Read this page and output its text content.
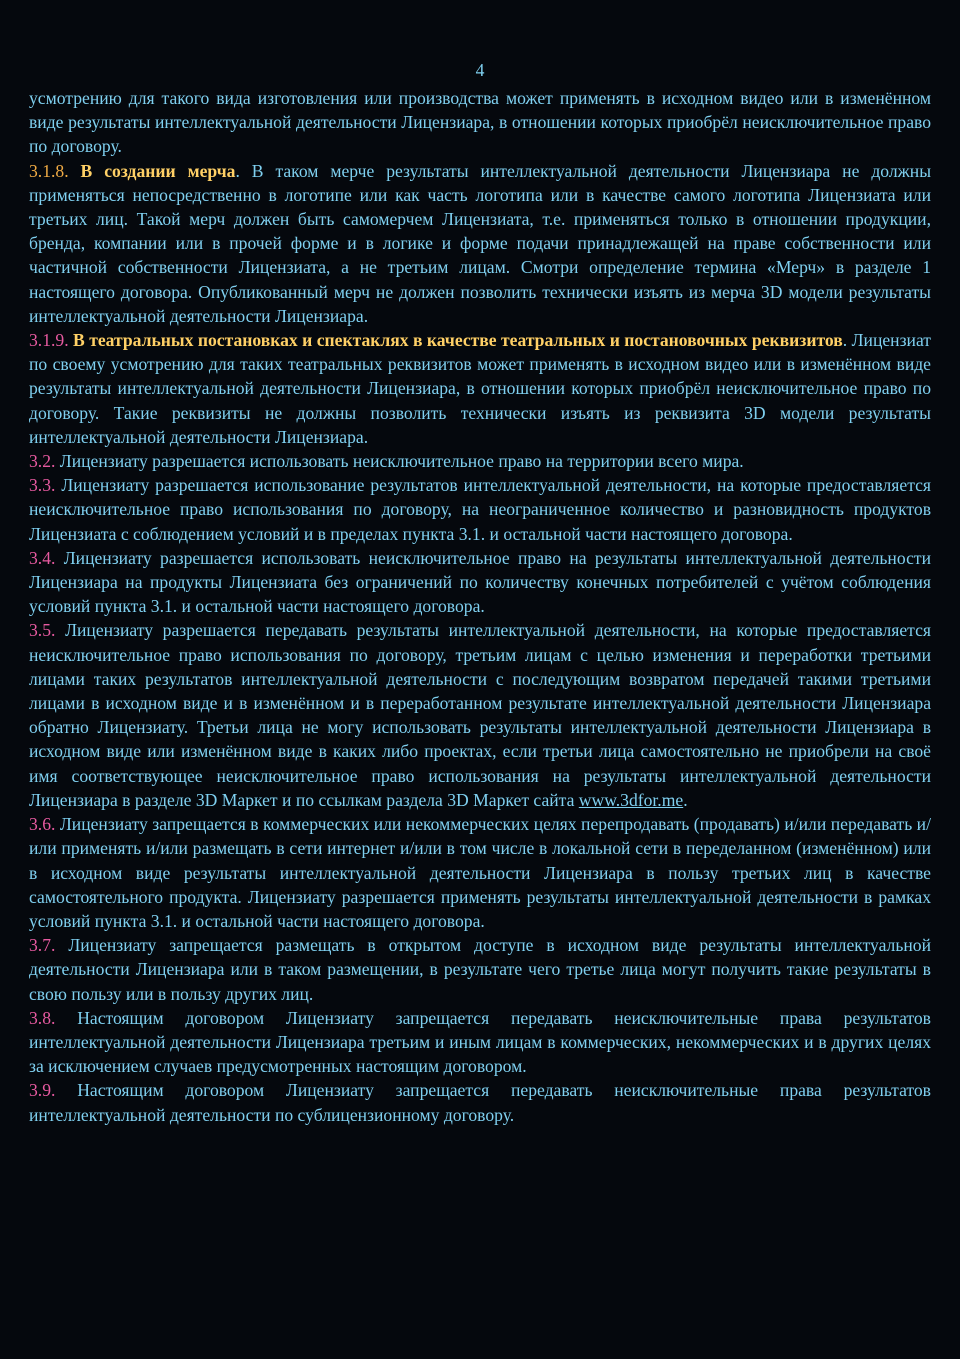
4

усмотрению для такого вида изготовления или производства может применять в исходном видео или в изменённом виде результаты интеллектуальной деятельности Лицензиара, в отношении которых приобрёл неисключительное право по договору.

3.1.8. В создании мерча. В таком мерче результаты интеллектуальной деятельности Лицензиара не должны применяться непосредственно в логотипе или как часть логотипа или в качестве самого логотипа Лицензиата или третьих лиц. Такой мерч должен быть самомерчем Лицензиата, т.е. применяться только в отношении продукции, бренда, компании или в прочей форме и в логике и форме подачи принадлежащей на праве собственности или частичной собственности Лицензиата, а не третьим лицам. Смотри определение термина «Мерч» в разделе 1 настоящего договора. Опубликованный мерч не должен позволить технически изъять из мерча 3D модели результаты интеллектуальной деятельности Лицензиара.

3.1.9. В театральных постановках и спектаклях в качестве театральных и постановочных реквизитов. Лицензиат по своему усмотрению для таких театральных реквизитов может применять в исходном видео или в изменённом виде результаты интеллектуальной деятельности Лицензиара, в отношении которых приобрёл неисключительное право по договору. Такие реквизиты не должны позволить технически изъять из реквизита 3D модели результаты интеллектуальной деятельности Лицензиара.

3.2. Лицензиату разрешается использовать неисключительное право на территории всего мира.

3.3. Лицензиату разрешается использование результатов интеллектуальной деятельности, на которые предоставляется неисключительное право использования по договору, на неограниченное количество и разновидность продуктов Лицензиата с соблюдением условий и в пределах пункта 3.1. и остальной части настоящего договора.

3.4. Лицензиату разрешается использовать неисключительное право на результаты интеллектуальной деятельности Лицензиара на продукты Лицензиата без ограничений по количеству конечных потребителей с учётом соблюдения условий пункта 3.1. и остальной части настоящего договора.

3.5. Лицензиату разрешается передавать результаты интеллектуальной деятельности, на которые предоставляется неисключительное право использования по договору, третьим лицам с целью изменения и переработки третьими лицами таких результатов интеллектуальной деятельности с последующим возвратом передачей такими третьими лицами в исходном виде и в изменённом и в переработанном результате интеллектуальной деятельности Лицензиара обратно Лицензиату. Третьи лица не могу использовать результаты интеллектуальной деятельности Лицензиара в исходном виде или изменённом виде в каких либо проектах, если третьи лица самостоятельно не приобрели на своё имя соответствующее неисключительное право использования на результаты интеллектуальной деятельности Лицензиара в разделе 3D Маркет и по ссылкам раздела 3D Маркет сайта www.3dfor.me.

3.6. Лицензиату запрещается в коммерческих или некоммерческих целях перепродавать (продавать) и/или передавать и/или применять и/или размещать в сети интернет и/или в том числе в локальной сети в переделанном (изменённом) или в исходном виде результаты интеллектуальной деятельности Лицензиара в пользу третьих лиц в качестве самостоятельного продукта. Лицензиату разрешается применять результаты интеллектуальной деятельности в рамках условий пункта 3.1. и остальной части настоящего договора.

3.7. Лицензиату запрещается размещать в открытом доступе в исходном виде результаты интеллектуальной деятельности Лицензиара или в таком размещении, в результате чего третье лица могут получить такие результаты в свою пользу или в пользу других лиц.

3.8. Настоящим договором Лицензиату запрещается передавать неисключительные права результатов интеллектуальной деятельности Лицензиара третьим и иным лицам в коммерческих, некоммерческих и в других целях за исключением случаев предусмотренных настоящим договором.

3.9. Настоящим договором Лицензиату запрещается передавать неисключительные права результатов интеллектуальной деятельности по сублицензионному договору.
